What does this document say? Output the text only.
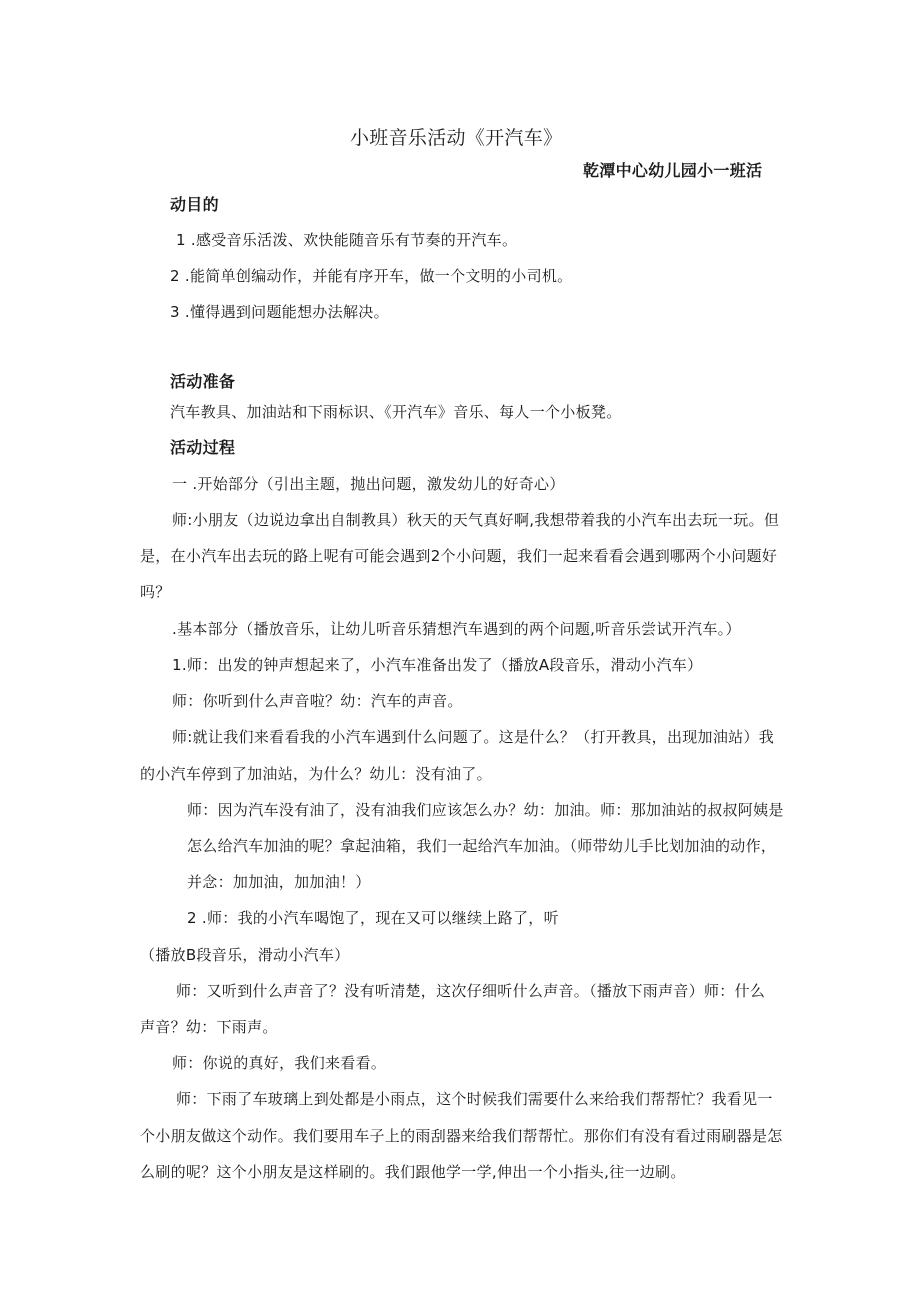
小班音乐活动《开汽车》
乾潭中心幼儿园小一班活
动目的
1 .感受音乐活泼、欢快能随音乐有节奏的开汽车。
2 .能简单创编动作，并能有序开车，做一个文明的小司机。
3 .懂得遇到问题能想办法解决。
活动准备
汽车教具、加油站和下雨标识、《开汽车》音乐、每人一个小板凳。
活动过程
一 .开始部分（引出主题，抛出问题，激发幼儿的好奇心）
师:小朋友（边说边拿出自制教具）秋天的天气真好啊,我想带着我的小汽车出去玩一玩。但
是，在小汽车出去玩的路上呢有可能会遇到2个小问题，我们一起来看看会遇到哪两个小问题好
吗？
.基本部分（播放音乐，让幼儿听音乐猜想汽车遇到的两个问题,听音乐尝试开汽车。）
1.师：出发的钟声想起来了，小汽车准备出发了（播放A段音乐，滑动小汽车）
师：你听到什么声音啦？幼：汽车的声音。
师:就让我们来看看我的小汽车遇到什么问题了。这是什么？（打开教具，出现加油站）我
的小汽车停到了加油站，为什么？幼儿：没有油了。
师：因为汽车没有油了，没有油我们应该怎么办？幼：加油。师：那加油站的叔叔阿姨是
怎么给汽车加油的呢？拿起油箱，我们一起给汽车加油。（师带幼儿手比划加油的动作，
并念：加加油，加加油！）
2 .师：我的小汽车喝饱了，现在又可以继续上路了，听
（播放B段音乐，滑动小汽车）
师：又听到什么声音了？没有听清楚，这次仔细听什么声音。（播放下雨声音）师：什么
声音？幼：下雨声。
师：你说的真好，我们来看看。
师：下雨了车玻璃上到处都是小雨点，这个时候我们需要什么来给我们帮帮忙？我看见一
个小朋友做这个动作。我们要用车子上的雨刮器来给我们帮帮忙。那你们有没有看过雨刷器是怎
么刷的呢？这个小朋友是这样刷的。我们跟他学一学,伸出一个小指头,往一边刷。
